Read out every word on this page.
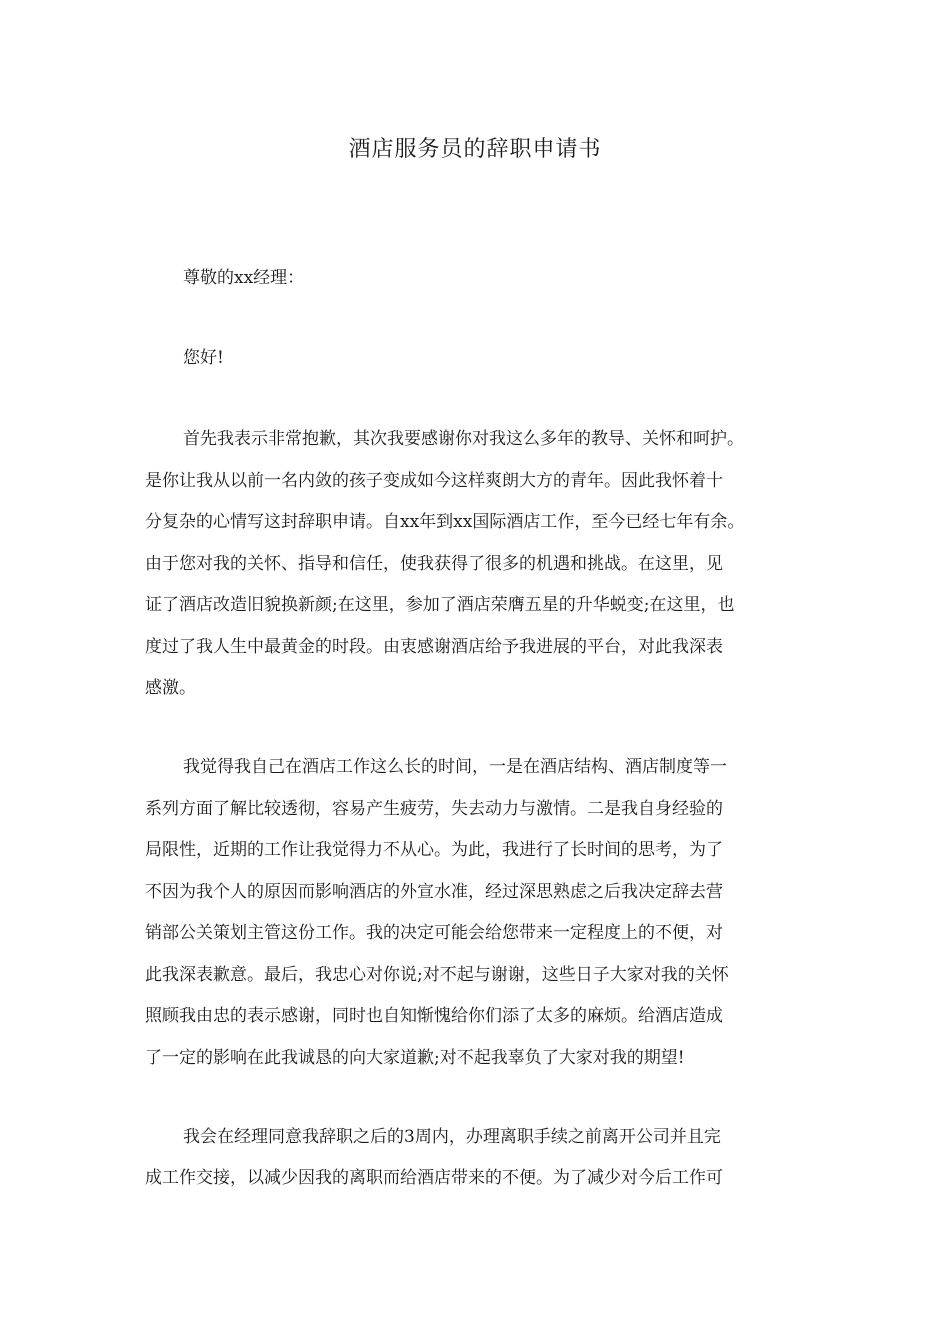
酒店服务员的辞职申请书
尊敬的xx经理：
您好!
首先我表示非常抱歉，其次我要感谢你对我这么多年的教导、关怀和呵护。
是你让我从以前一名内敛的孩子变成如今这样爽朗大方的青年。因此我怀着十
分复杂的心情写这封辞职申请。自xx年到xx国际酒店工作，至今已经七年有余。
由于您对我的关怀、指导和信任，使我获得了很多的机遇和挑战。在这里，见
证了酒店改造旧貌换新颜;在这里，参加了酒店荣膺五星的升华蜕变;在这里，也
度过了我人生中最黄金的时段。由衷感谢酒店给予我进展的平台，对此我深表
感激。
我觉得我自己在酒店工作这么长的时间，一是在酒店结构、酒店制度等一
系列方面了解比较透彻，容易产生疲劳，失去动力与激情。二是我自身经验的
局限性，近期的工作让我觉得力不从心。为此，我进行了长时间的思考，为了
不因为我个人的原因而影响酒店的外宣水准，经过深思熟虑之后我决定辞去营
销部公关策划主管这份工作。我的决定可能会给您带来一定程度上的不便，对
此我深表歉意。最后，我忠心对你说;对不起与谢谢，这些日子大家对我的关怀
照顾我由忠的表示感谢，同时也自知惭愧给你们添了太多的麻烦。给酒店造成
了一定的影响在此我诚恳的向大家道歉;对不起我辜负了大家对我的期望!
我会在经理同意我辞职之后的3周内，办理离职手续之前离开公司并且完
成工作交接，以减少因我的离职而给酒店带来的不便。为了减少对今后工作可
